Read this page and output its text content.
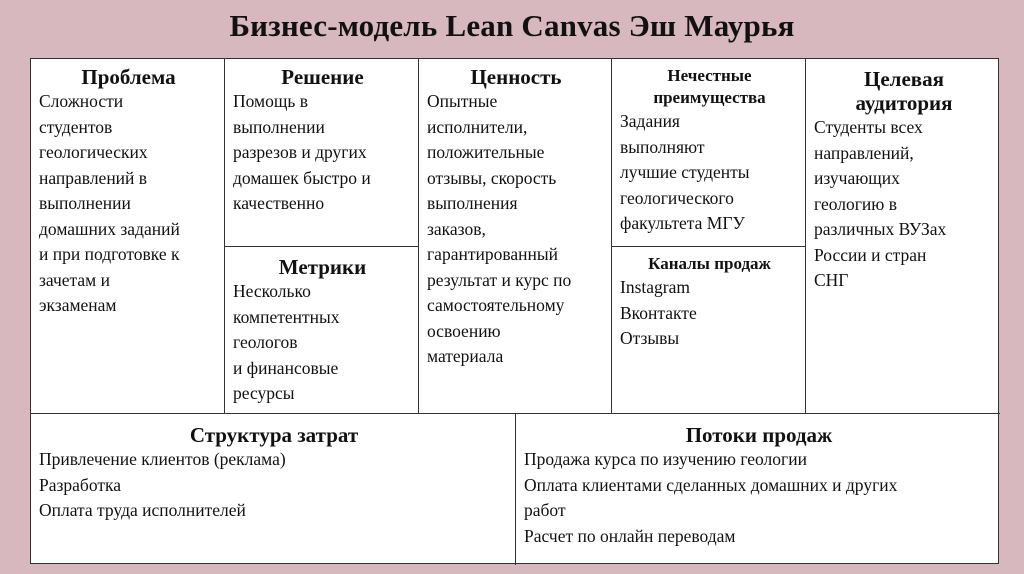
Бизнес-модель Lean Canvas Эш Маурья
Проблема
Сложности
студентов
геологических
направлений в
выполнении
домашних заданий
и при подготовке к
зачетам и
экзаменам
Решение
Помощь в
выполнении
разрезов и других
домашек быстро и
качественно
Метрики
Несколько
компетентных
геологов
и финансовые
ресурсы
Ценность
Опытные
исполнители,
положительные
отзывы, скорость
выполнения
заказов,
гарантированный
результат и курс по
самостоятельному
освоению
материала
Нечестные
преимущества
Задания
выполняют
лучшие студенты
геологического
факультета МГУ
Каналы продаж
Instagram
Вконтакте
Отзывы
Целевая
аудитория
Студенты всех
направлений,
изучающих
геологию в
различных ВУЗах
России и стран
СНГ
Структура затрат
Привлечение клиентов (реклама)
Разработка
Оплата труда исполнителей
Потоки продаж
Продажа курса по изучению геологии
Оплата клиентами сделанных домашних и других
работ
Расчет по онлайн переводам
